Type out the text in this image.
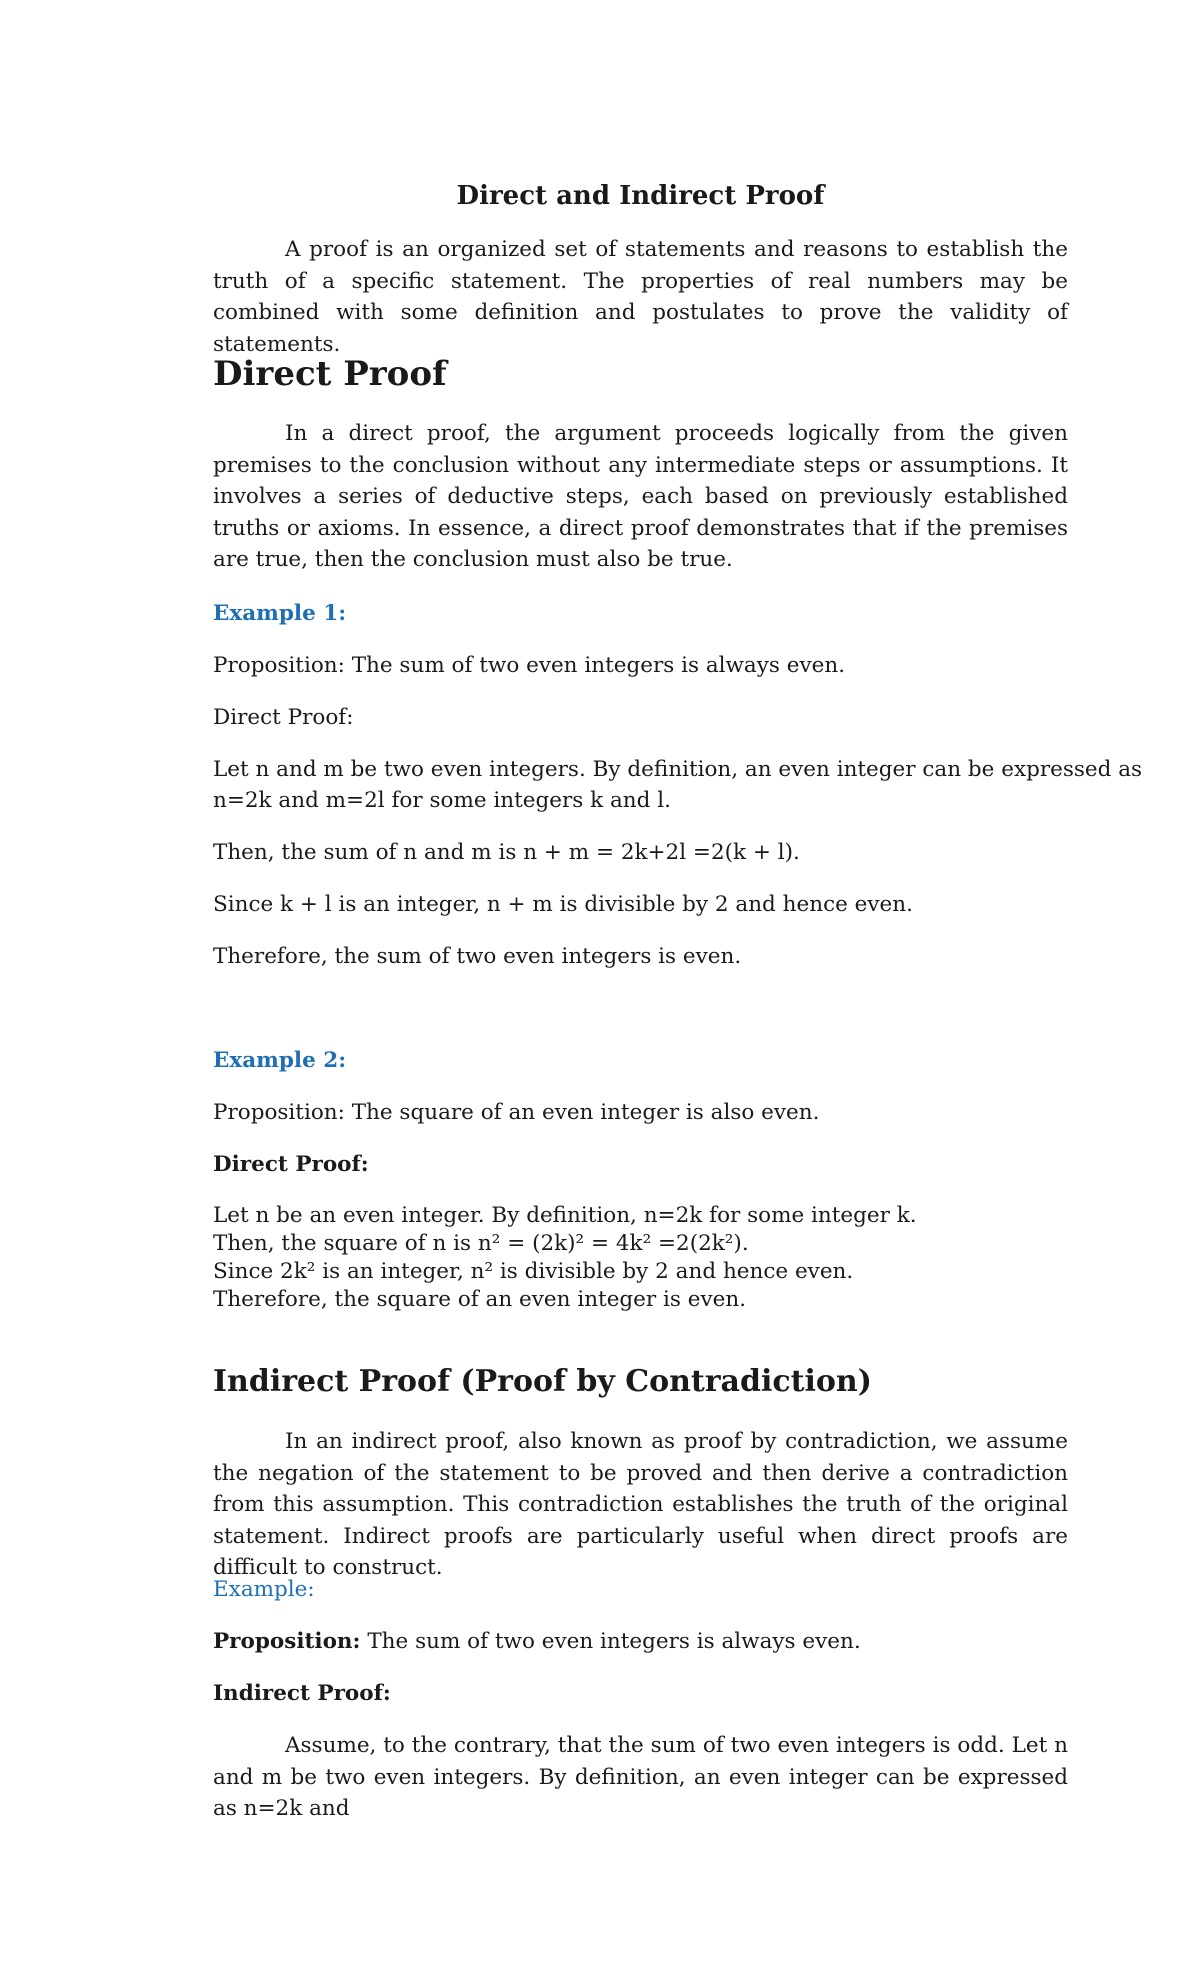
Direct and Indirect Proof

A proof is an organized set of statements and reasons to establish the truth of a specific statement. The properties of real numbers may be combined with some definition and postulates to prove the validity of statements.

Direct Proof

In a direct proof, the argument proceeds logically from the given premises to the conclusion without any intermediate steps or assumptions. It involves a series of deductive steps, each based on previously established truths or axioms. In essence, a direct proof demonstrates that if the premises are true, then the conclusion must also be true.

Example 1:

Proposition: The sum of two even integers is always even.

Direct Proof:

Let n and m be two even integers. By definition, an even integer can be expressed as

n=2k and m=2l for some integers k and l.

Then, the sum of n and m is n + m = 2k+2l =2(k + l).

Since k + l is an integer, n + m is divisible by 2 and hence even.

Therefore, the sum of two even integers is even.

Example 2:

Proposition: The square of an even integer is also even.

Direct Proof:

Let n be an even integer. By definition, n=2k for some integer k.

Then, the square of n is n² = (2k)² = 4k² =2(2k²).

Since 2k² is an integer, n² is divisible by 2 and hence even.

Therefore, the square of an even integer is even.

Indirect Proof (Proof by Contradiction)

In an indirect proof, also known as proof by contradiction, we assume the negation of the statement to be proved and then derive a contradiction from this assumption. This contradiction establishes the truth of the original statement. Indirect proofs are particularly useful when direct proofs are difficult to construct.

Example:

Proposition: The sum of two even integers is always even.

Indirect Proof:

Assume, to the contrary, that the sum of two even integers is odd. Let n and m be two even integers. By definition, an even integer can be expressed as n=2k and
